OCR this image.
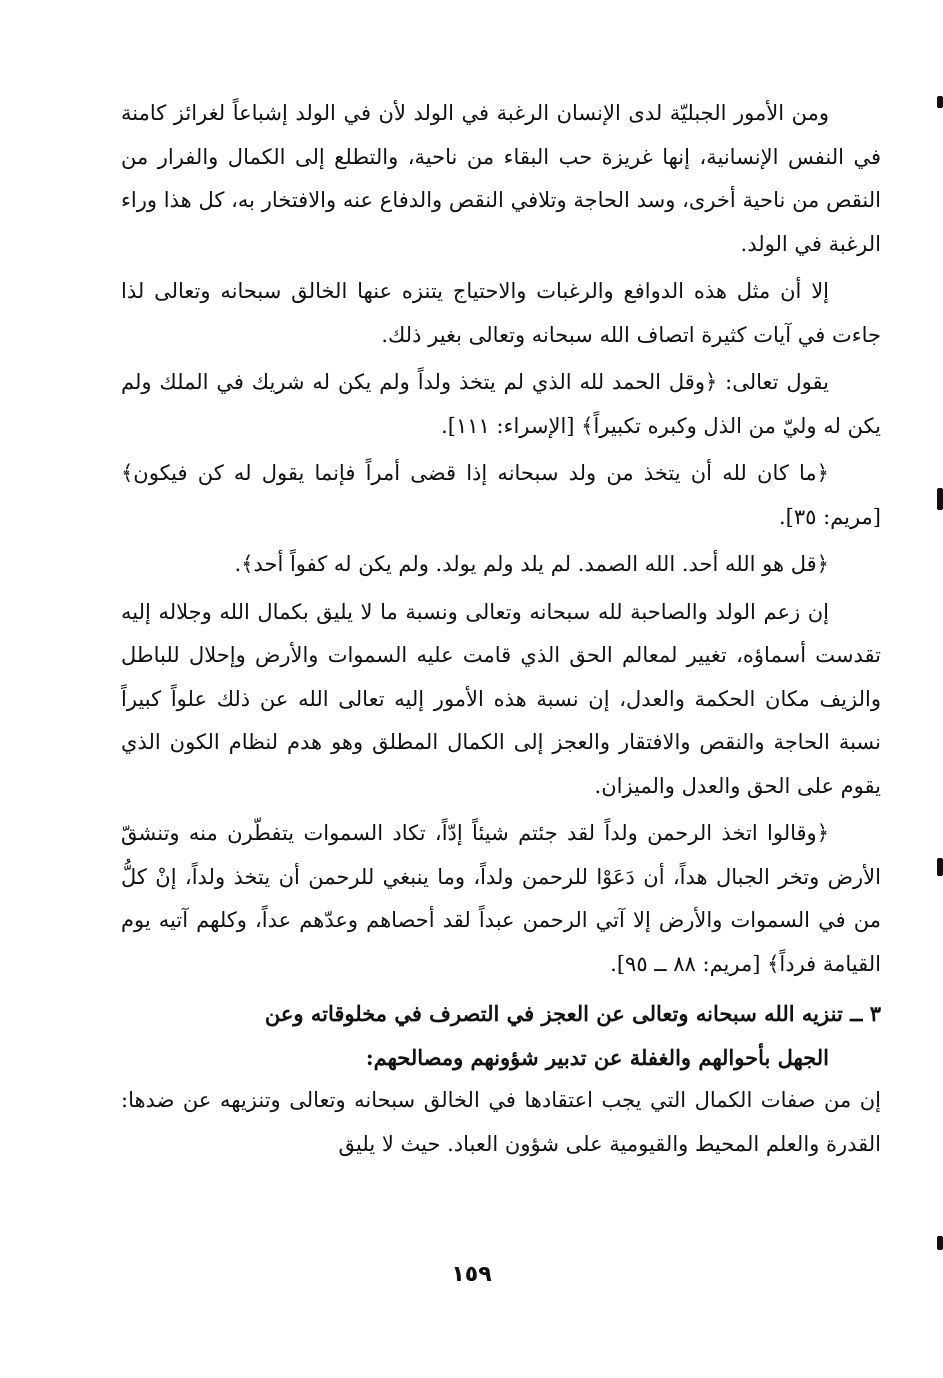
ومن الأمور الجبليّة لدى الإنسان الرغبة في الولد لأن في الولد إشباعاً لغرائز كامنة في النفس الإنسانية، إنها غريزة حب البقاء من ناحية، والتطلع إلى الكمال والفرار من النقص من ناحية أخرى، وسد الحاجة وتلافي النقص والدفاع عنه والافتخار به، كل هذا وراء الرغبة في الولد.

إلا أن مثل هذه الدوافع والرغبات والاحتياج يتنزه عنها الخالق سبحانه وتعالى لذا جاءت في آيات كثيرة اتصاف الله سبحانه وتعالى بغير ذلك.

يقول تعالى: ﴿وقل الحمد لله الذي لم يتخذ ولداً ولم يكن له شريك في الملك ولم يكن له وليّ من الذل وكبره تكبيراً﴾ [الإسراء: ١١١].

﴿ما كان لله أن يتخذ من ولد سبحانه إذا قضى أمراً فإنما يقول له كن فيكون﴾ [مريم: ٣٥].

﴿قل هو الله أحد. الله الصمد. لم يلد ولم يولد. ولم يكن له كفواً أحد﴾.

إن زعم الولد والصاحبة لله سبحانه وتعالى ونسبة ما لا يليق بكمال الله وجلاله إليه تقدست أسماؤه، تغيير لمعالم الحق الذي قامت عليه السموات والأرض وإحلال للباطل والزيف مكان الحكمة والعدل، إن نسبة هذه الأمور إليه تعالى الله عن ذلك علواً كبيراً نسبة الحاجة والنقص والافتقار والعجز إلى الكمال المطلق وهو هدم لنظام الكون الذي يقوم على الحق والعدل والميزان.

﴿وقالوا اتخذ الرحمن ولداً لقد جئتم شيئاً إدّاً، تكاد السموات يتفطّرن منه وتنشقّ الأرض وتخر الجبال هداً، أن دَعَوْا للرحمن ولداً، وما ينبغي للرحمن أن يتخذ ولداً، إنْ كلُّ من في السموات والأرض إلا آتي الرحمن عبداً لقد أحصاهم وعدّهم عداً، وكلهم آتيه يوم القيامة فرداً﴾ [مريم: ٨٨ ــ ٩٥].

٣ ــ تنزيه الله سبحانه وتعالى عن العجز في التصرف في مخلوقاته وعن
الجهل بأحوالهم والغفلة عن تدبير شؤونهم ومصالحهم:

إن من صفات الكمال التي يجب اعتقادها في الخالق سبحانه وتعالى وتنزيهه عن ضدها: القدرة والعلم المحيط والقيومية على شؤون العباد. حيث لا يليق

١٥٩
